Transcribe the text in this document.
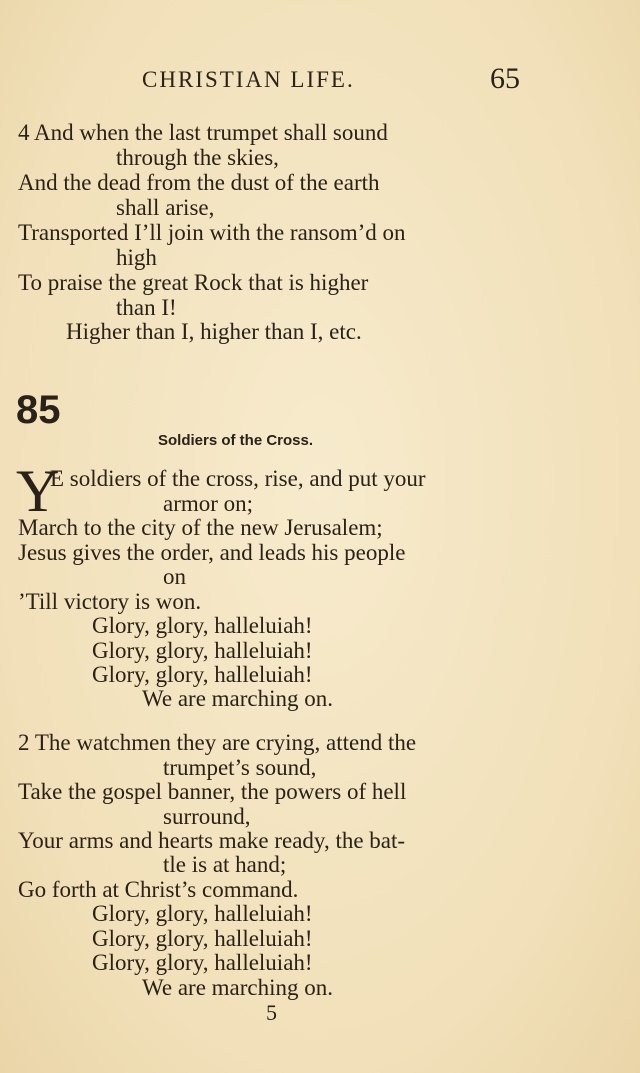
CHRISTIAN LIFE.	65
4 And when the last trumpet shall sound
through the skies,
And the dead from the dust of the earth
shall arise,
Transported I’ll join with the ransom’d on
high
To praise the great Rock that is higher
than I!
Higher than I, higher than I, etc.
85
Soldiers of the Cross.
Y
E soldiers of the cross, rise, and put your
armor on;
March to the city of the new Jerusalem;
Jesus gives the order, and leads his people
on
’Till victory is won.
Glory, glory, halleluiah!
Glory, glory, halleluiah!
Glory, glory, halleluiah!
We are marching on.
2 The watchmen they are crying, attend the
trumpet’s sound,
Take the gospel banner, the powers of hell
surround,
Your arms and hearts make ready, the bat-
tle is at hand;
Go forth at Christ’s command.
Glory, glory, halleluiah!
Glory, glory, halleluiah!
Glory, glory, halleluiah!
We are marching on.
5
